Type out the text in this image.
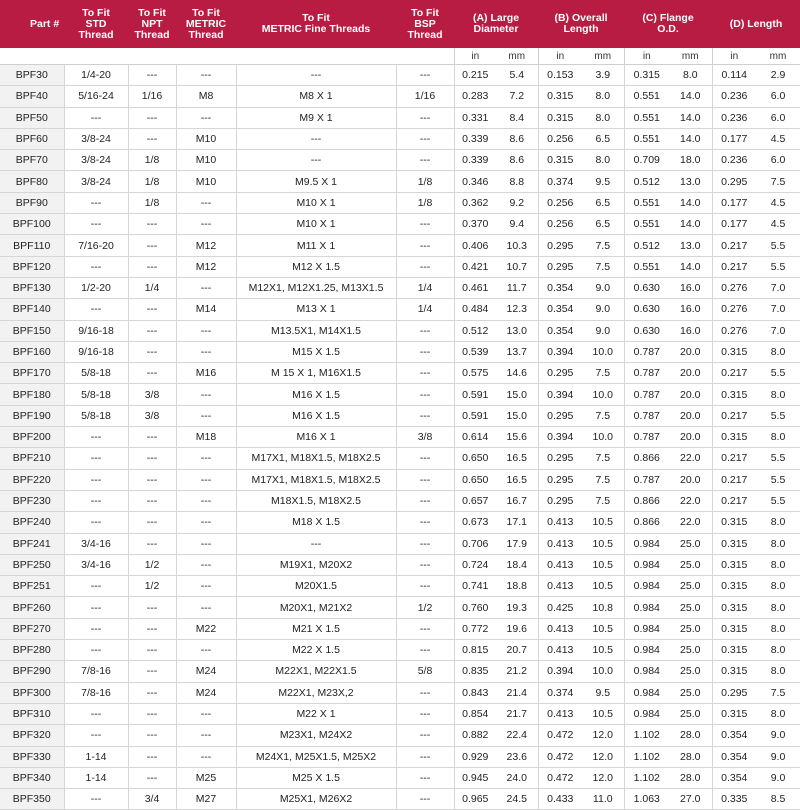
Part #	To Fit
STD
Thread	To Fit
NPT
Thread	To Fit
METRIC
Thread	To Fit
METRIC Fine Threads	To Fit
BSP
Thread	(A) Large
Diameter		(B) Overall
Length		(C) Flange
O.D.		(D) Length	
						in	mm	in	mm	in	mm	in	mm
BPF30	1/4-20	---	---	---	---	0.215	5.4	0.153	3.9	0.315	8.0	0.114	2.9
BPF40	5/16-24	1/16	M8	M8 X 1	1/16	0.283	7.2	0.315	8.0	0.551	14.0	0.236	6.0
BPF50	---	---	---	M9 X 1	---	0.331	8.4	0.315	8.0	0.551	14.0	0.236	6.0
BPF60	3/8-24	---	M10	---	---	0.339	8.6	0.256	6.5	0.551	14.0	0.177	4.5
BPF70	3/8-24	1/8	M10	---	---	0.339	8.6	0.315	8.0	0.709	18.0	0.236	6.0
BPF80	3/8-24	1/8	M10	M9.5 X 1	1/8	0.346	8.8	0.374	9.5	0.512	13.0	0.295	7.5
BPF90	---	1/8	---	M10 X 1	1/8	0.362	9.2	0.256	6.5	0.551	14.0	0.177	4.5
BPF100	---	---	---	M10 X 1	---	0.370	9.4	0.256	6.5	0.551	14.0	0.177	4.5
BPF110	7/16-20	---	M12	M11 X 1	---	0.406	10.3	0.295	7.5	0.512	13.0	0.217	5.5
BPF120	---	---	M12	M12 X 1.5	---	0.421	10.7	0.295	7.5	0.551	14.0	0.217	5.5
BPF130	1/2-20	1/4	---	M12X1, M12X1.25, M13X1.5	1/4	0.461	11.7	0.354	9.0	0.630	16.0	0.276	7.0
BPF140	---	---	M14	M13 X 1	1/4	0.484	12.3	0.354	9.0	0.630	16.0	0.276	7.0
BPF150	9/16-18	---	---	M13.5X1, M14X1.5	---	0.512	13.0	0.354	9.0	0.630	16.0	0.276	7.0
BPF160	9/16-18	---	---	M15 X 1.5	---	0.539	13.7	0.394	10.0	0.787	20.0	0.315	8.0
BPF170	5/8-18	---	M16	M 15 X 1, M16X1.5	---	0.575	14.6	0.295	7.5	0.787	20.0	0.217	5.5
BPF180	5/8-18	3/8	---	M16 X 1.5	---	0.591	15.0	0.394	10.0	0.787	20.0	0.315	8.0
BPF190	5/8-18	3/8	---	M16 X 1.5	---	0.591	15.0	0.295	7.5	0.787	20.0	0.217	5.5
BPF200	---	---	M18	M16 X 1	3/8	0.614	15.6	0.394	10.0	0.787	20.0	0.315	8.0
BPF210	---	---	---	M17X1, M18X1.5, M18X2.5	---	0.650	16.5	0.295	7.5	0.866	22.0	0.217	5.5
BPF220	---	---	---	M17X1, M18X1.5, M18X2.5	---	0.650	16.5	0.295	7.5	0.787	20.0	0.217	5.5
BPF230	---	---	---	M18X1.5, M18X2.5	---	0.657	16.7	0.295	7.5	0.866	22.0	0.217	5.5
BPF240	---	---	---	M18 X 1.5	---	0.673	17.1	0.413	10.5	0.866	22.0	0.315	8.0
BPF241	3/4-16	---	---	---	---	0.706	17.9	0.413	10.5	0.984	25.0	0.315	8.0
BPF250	3/4-16	1/2	---	M19X1, M20X2	---	0.724	18.4	0.413	10.5	0.984	25.0	0.315	8.0
BPF251	---	1/2	---	M20X1.5	---	0.741	18.8	0.413	10.5	0.984	25.0	0.315	8.0
BPF260	---	---	---	M20X1, M21X2	1/2	0.760	19.3	0.425	10.8	0.984	25.0	0.315	8.0
BPF270	---	---	M22	M21 X 1.5	---	0.772	19.6	0.413	10.5	0.984	25.0	0.315	8.0
BPF280	---	---	---	M22 X 1.5	---	0.815	20.7	0.413	10.5	0.984	25.0	0.315	8.0
BPF290	7/8-16	---	M24	M22X1, M22X1.5	5/8	0.835	21.2	0.394	10.0	0.984	25.0	0.315	8.0
BPF300	7/8-16	---	M24	M22X1, M23X,2	---	0.843	21.4	0.374	9.5	0.984	25.0	0.295	7.5
BPF310	---	---	---	M22 X 1	---	0.854	21.7	0.413	10.5	0.984	25.0	0.315	8.0
BPF320	---	---	---	M23X1, M24X2	---	0.882	22.4	0.472	12.0	1.102	28.0	0.354	9.0
BPF330	1-14	---	---	M24X1, M25X1.5, M25X2	---	0.929	23.6	0.472	12.0	1.102	28.0	0.354	9.0
BPF340	1-14	---	M25	M25 X 1.5	---	0.945	24.0	0.472	12.0	1.102	28.0	0.354	9.0
BPF350	---	3/4	M27	M25X1, M26X2	---	0.965	24.5	0.433	11.0	1.063	27.0	0.335	8.5
